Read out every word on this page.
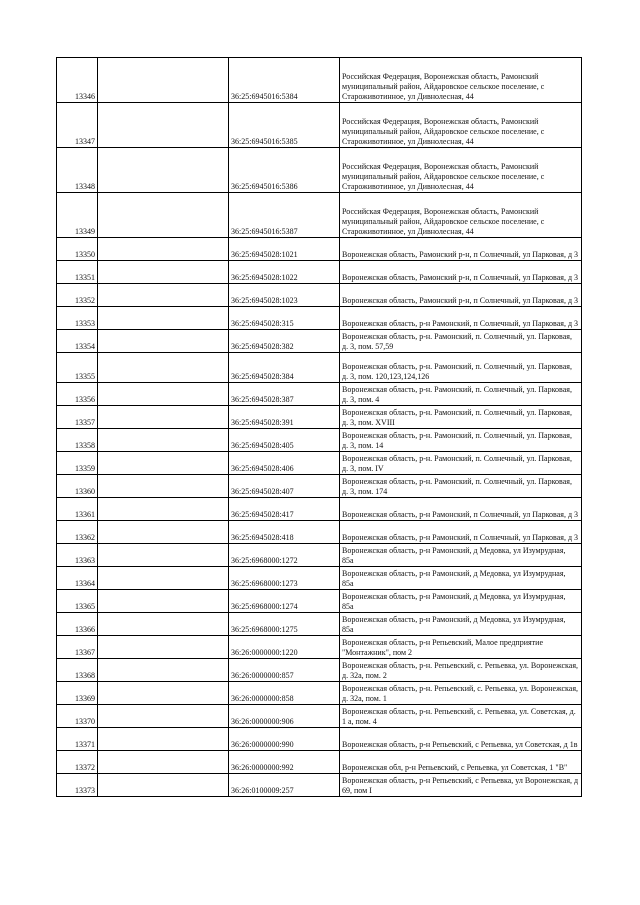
13346		36:25:6945016:5384	Российская Федерация, Воронежская область, Рамонский муниципальный район, Айдаровское сельское поселение, с Староживотинное, ул Дивнолесная, 44
13347		36:25:6945016:5385	Российская Федерация, Воронежская область, Рамонский муниципальный район, Айдаровское сельское поселение, с Староживотинное, ул Дивнолесная, 44
13348		36:25:6945016:5386	Российская Федерация, Воронежская область, Рамонский муниципальный район, Айдаровское сельское поселение, с Староживотинное, ул Дивнолесная, 44
13349		36:25:6945016:5387	Российская Федерация, Воронежская область, Рамонский муниципальный район, Айдаровское сельское поселение, с Староживотинное, ул Дивнолесная, 44
13350		36:25:6945028:1021	Воронежская область, Рамонский р-н, п Солнечный, ул Парковая, д 3
13351		36:25:6945028:1022	Воронежская область, Рамонский р-н, п Солнечный, ул Парковая, д 3
13352		36:25:6945028:1023	Воронежская область, Рамонский р-н, п Солнечный, ул Парковая, д 3
13353		36:25:6945028:315	Воронежская область, р-н Рамонский, п Солнечный, ул Парковая, д 3
13354		36:25:6945028:382	Воронежская область, р-н. Рамонский, п. Солнечный, ул. Парковая, д. 3, пом. 57,59
13355		36:25:6945028:384	Воронежская область, р-н. Рамонский, п. Солнечный, ул. Парковая, д. 3, пом. 120,123,124,126
13356		36:25:6945028:387	Воронежская область, р-н. Рамонский, п. Солнечный, ул. Парковая, д. 3, пом. 4
13357		36:25:6945028:391	Воронежская область, р-н. Рамонский, п. Солнечный, ул. Парковая, д. 3, пом. XVIII
13358		36:25:6945028:405	Воронежская область, р-н. Рамонский, п. Солнечный, ул. Парковая, д. 3, пом. 14
13359		36:25:6945028:406	Воронежская область, р-н. Рамонский, п. Солнечный, ул. Парковая, д. 3, пом. IV
13360		36:25:6945028:407	Воронежская область, р-н. Рамонский, п. Солнечный, ул. Парковая, д. 3, пом. 174
13361		36:25:6945028:417	Воронежская область, р-н Рамонский, п Солнечный, ул Парковая, д 3
13362		36:25:6945028:418	Воронежская область, р-н Рамонский, п Солнечный, ул Парковая, д 3
13363		36:25:6968000:1272	Воронежская область, р-н Рамонский, д Медовка, ул Изумрудная, 85а
13364		36:25:6968000:1273	Воронежская область, р-н Рамонский, д Медовка, ул Изумрудная, 85а
13365		36:25:6968000:1274	Воронежская область, р-н Рамонский, д Медовка, ул Изумрудная, 85а
13366		36:25:6968000:1275	Воронежская область, р-н Рамонский, д Медовка, ул Изумрудная, 85а
13367		36:26:0000000:1220	Воронежская область, р-н Репьевский, Малое предприятие "Монтажник", пом 2
13368		36:26:0000000:857	Воронежская область, р-н. Репьевский, с. Репьевка, ул. Воронежская, д. 32а, пом. 2
13369		36:26:0000000:858	Воронежская область, р-н. Репьевский, с. Репьевка, ул. Воронежская, д. 32а, пом. 1
13370		36:26:0000000:906	Воронежская область, р-н. Репьевский, с. Репьевка, ул. Советская, д. 1 а, пом. 4
13371		36:26:0000000:990	Воронежская область, р-н Репьевский, с Репьевка, ул Советская, д 1в
13372		36:26:0000000:992	Воронежская обл, р-н Репьевский, с Репьевка, ул Советская, 1 "В"
13373		36:26:0100009:257	Воронежская область, р-н Репьевский, с Репьевка, ул Воронежская, д 69, пом I
